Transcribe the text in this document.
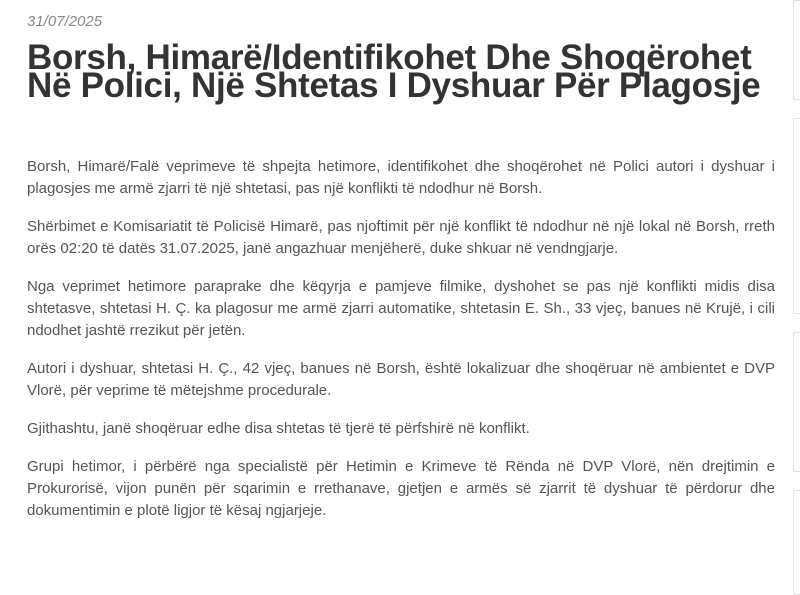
31/07/2025
Borsh, Himarë/Identifikohet Dhe Shoqërohet Në Polici, Një Shtetas I Dyshuar Për Plagosje

Borsh, Himarë/Falë veprimeve të shpejta hetimore, identifikohet dhe shoqërohet në Polici autori i dyshuar i plagosjes me armë zjarri të një shtetasi, pas një konflikti të ndodhur në Borsh.

Shërbimet e Komisariatit të Policisë Himarë, pas njoftimit për një konflikt të ndodhur në një lokal në Borsh, rreth orës 02:20 të datës 31.07.2025, janë angazhuar menjëherë, duke shkuar në vendngjarje.

Nga veprimet hetimore paraprake dhe këqyrja e pamjeve filmike, dyshohet se pas një konflikti midis disa shtetasve, shtetasi H. Ç. ka plagosur me armë zjarri automatike, shtetasin E. Sh., 33 vjeç, banues në Krujë, i cili ndodhet jashtë rrezikut për jetën.

Autori i dyshuar, shtetasi H. Ç., 42 vjeç, banues në Borsh, është lokalizuar dhe shoqëruar në ambientet e DVP Vlorë, për veprime të mëtejshme procedurale.

Gjithashtu, janë shoqëruar edhe disa shtetas të tjerë të përfshirë në konflikt.

Grupi hetimor, i përbërë nga specialistë për Hetimin e Krimeve të Rënda në DVP Vlorë, nën drejtimin e Prokurorisë, vijon punën për sqarimin e rrethanave, gjetjen e armës së zjarrit të dyshuar të përdorur dhe dokumentimin e plotë ligjor të kësaj ngjarjeje.
